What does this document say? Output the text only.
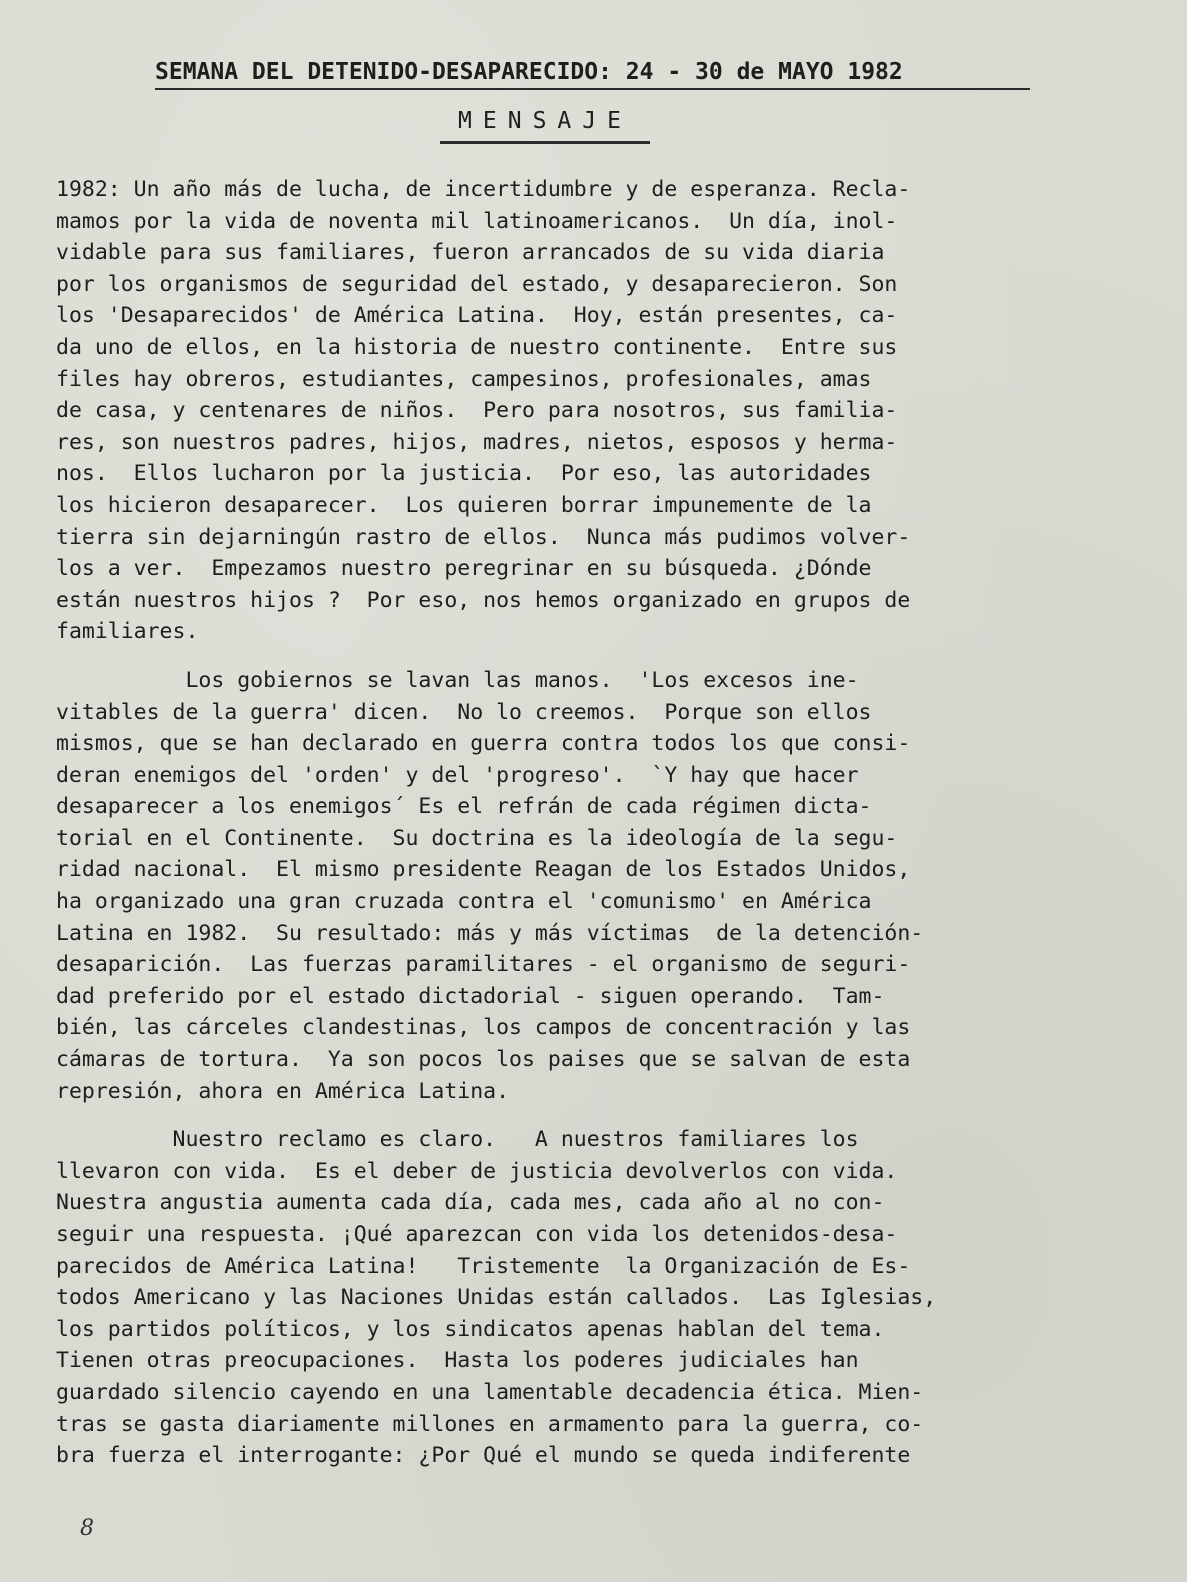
SEMANA DEL DETENIDO-DESAPARECIDO: 24 - 30 de MAYO 1982
MENSAJE
1982: Un año más de lucha, de incertidumbre y de esperanza. Recla-
mamos por la vida de noventa mil latinoamericanos.  Un día, inol-
vidable para sus familiares, fueron arrancados de su vida diaria
por los organismos de seguridad del estado, y desaparecieron. Son
los 'Desaparecidos' de América Latina.  Hoy, están presentes, ca-
da uno de ellos, en la historia de nuestro continente.  Entre sus
files hay obreros, estudiantes, campesinos, profesionales, amas
de casa, y centenares de niños.  Pero para nosotros, sus familia-
res, son nuestros padres, hijos, madres, nietos, esposos y herma-
nos.  Ellos lucharon por la justicia.  Por eso, las autoridades
los hicieron desaparecer.  Los quieren borrar impunemente de la
tierra sin dejarningún rastro de ellos.  Nunca más pudimos volver-
los a ver.  Empezamos nuestro peregrinar en su búsqueda. ¿Dónde
están nuestros hijos ?  Por eso, nos hemos organizado en grupos de
familiares.
Los gobiernos se lavan las manos.  'Los excesos ine-
vitables de la guerra' dicen.  No lo creemos.  Porque son ellos
mismos, que se han declarado en guerra contra todos los que consi-
deran enemigos del 'orden' y del 'progreso'.  `Y hay que hacer
desaparecer a los enemigos´ Es el refrán de cada régimen dicta-
torial en el Continente.  Su doctrina es la ideología de la segu-
ridad nacional.  El mismo presidente Reagan de los Estados Unidos,
ha organizado una gran cruzada contra el 'comunismo' en América
Latina en 1982.  Su resultado: más y más víctimas  de la detención-
desaparición.  Las fuerzas paramilitares - el organismo de seguri-
dad preferido por el estado dictadorial - siguen operando.  Tam-
bién, las cárceles clandestinas, los campos de concentración y las
cámaras de tortura.  Ya son pocos los paises que se salvan de esta
represión, ahora en América Latina.
Nuestro reclamo es claro.   A nuestros familiares los
llevaron con vida.  Es el deber de justicia devolverlos con vida.
Nuestra angustia aumenta cada día, cada mes, cada año al no con-
seguir una respuesta. ¡Qué aparezcan con vida los detenidos-desa-
parecidos de América Latina!   Tristemente  la Organización de Es-
todos Americano y las Naciones Unidas están callados.  Las Iglesias,
los partidos políticos, y los sindicatos apenas hablan del tema.
Tienen otras preocupaciones.  Hasta los poderes judiciales han
guardado silencio cayendo en una lamentable decadencia ética. Mien-
tras se gasta diariamente millones en armamento para la guerra, co-
bra fuerza el interrogante: ¿Por Qué el mundo se queda indiferente
8
